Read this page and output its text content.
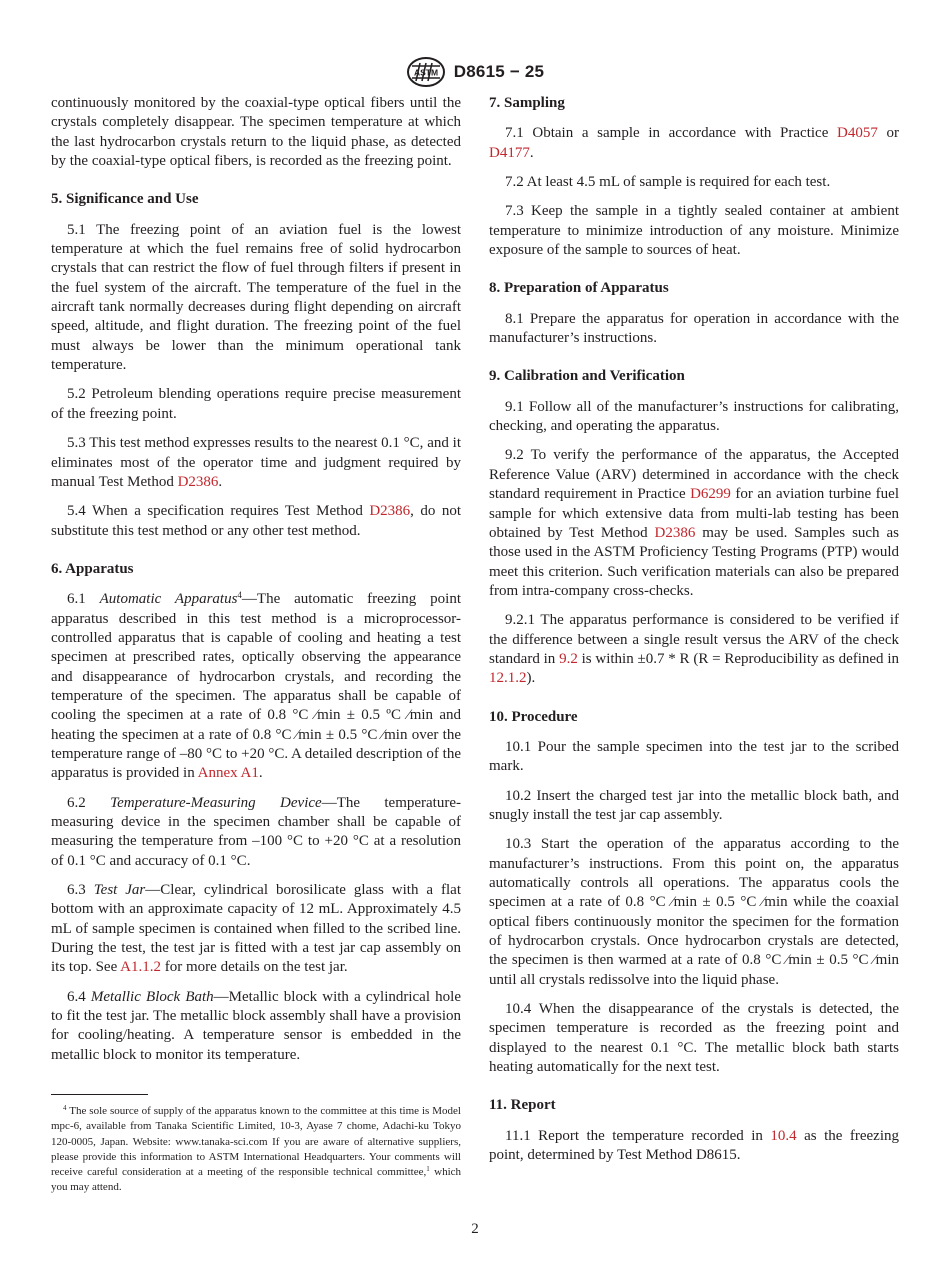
ASTM D8615 − 25

continuously monitored by the coaxial-type optical fibers until the crystals completely disappear. The specimen temperature at which the last hydrocarbon crystals return to the liquid phase, as detected by the coaxial-type optical fibers, is recorded as the freezing point.

5. Significance and Use

5.1 The freezing point of an aviation fuel is the lowest temperature at which the fuel remains free of solid hydrocarbon crystals that can restrict the flow of fuel through filters if present in the fuel system of the aircraft. The temperature of the fuel in the aircraft tank normally decreases during flight depending on aircraft speed, altitude, and flight duration. The freezing point of the fuel must always be lower than the minimum operational tank temperature.

5.2 Petroleum blending operations require precise measurement of the freezing point.

5.3 This test method expresses results to the nearest 0.1 °C, and it eliminates most of the operator time and judgment required by manual Test Method D2386.

5.4 When a specification requires Test Method D2386, do not substitute this test method or any other test method.

6. Apparatus

6.1 Automatic Apparatus$^4$—The automatic freezing point apparatus described in this test method is a microprocessor-controlled apparatus that is capable of cooling and heating a test specimen at prescribed rates, optically observing the appearance and disappearance of hydrocarbon crystals, and recording the temperature of the specimen. The apparatus shall be capable of cooling the specimen at a rate of 0.8 °C ⁄min ± 0.5 ºC ⁄min and heating the specimen at a rate of 0.8 °C ⁄min ± 0.5 °C ⁄min over the temperature range of –80 °C to +20 °C. A detailed description of the apparatus is provided in Annex A1.

6.2 Temperature-Measuring Device—The temperature-measuring device in the specimen chamber shall be capable of measuring the temperature from –100 °C to +20 °C at a resolution of 0.1 °C and accuracy of 0.1 °C.

6.3 Test Jar—Clear, cylindrical borosilicate glass with a flat bottom with an approximate capacity of 12 mL. Approximately 4.5 mL of sample specimen is contained when filled to the scribed line. During the test, the test jar is fitted with a test jar cap assembly on its top. See A1.1.2 for more details on the test jar.

6.4 Metallic Block Bath—Metallic block with a cylindrical hole to fit the test jar. The metallic block assembly shall have a provision for cooling/heating. A temperature sensor is embedded in the metallic block to monitor its temperature.

$^4$ The sole source of supply of the apparatus known to the committee at this time is Model mpc-6, available from Tanaka Scientific Limited, 10-3, Ayase 7 chome, Adachi-ku Tokyo 120-0005, Japan. Website: www.tanaka-sci.com If you are aware of alternative suppliers, please provide this information to ASTM International Headquarters. Your comments will receive careful consideration at a meeting of the responsible technical committee,$^1$ which you may attend.
7. Sampling

7.1 Obtain a sample in accordance with Practice D4057 or D4177.

7.2 At least 4.5 mL of sample is required for each test.

7.3 Keep the sample in a tightly sealed container at ambient temperature to minimize introduction of any moisture. Minimize exposure of the sample to sources of heat.

8. Preparation of Apparatus

8.1 Prepare the apparatus for operation in accordance with the manufacturer’s instructions.

9. Calibration and Verification

9.1 Follow all of the manufacturer’s instructions for calibrating, checking, and operating the apparatus.

9.2 To verify the performance of the apparatus, the Accepted Reference Value (ARV) determined in accordance with the check standard requirement in Practice D6299 for an aviation turbine fuel sample for which extensive data from multi-lab testing has been obtained by Test Method D2386 may be used. Samples such as those used in the ASTM Proficiency Testing Programs (PTP) would meet this criterion. Such verification materials can also be prepared from intra-company cross-checks.

9.2.1 The apparatus performance is considered to be verified if the difference between a single result versus the ARV of the check standard in 9.2 is within ±0.7 * R (R = Reproducibility as defined in 12.1.2).

10. Procedure

10.1 Pour the sample specimen into the test jar to the scribed mark.

10.2 Insert the charged test jar into the metallic block bath, and snugly install the test jar cap assembly.

10.3 Start the operation of the apparatus according to the manufacturer’s instructions. From this point on, the apparatus automatically controls all operations. The apparatus cools the specimen at a rate of 0.8 °C ⁄min ± 0.5 °C ⁄min while the coaxial optical fibers continuously monitor the specimen for the formation of hydrocarbon crystals. Once hydrocarbon crystals are detected, the specimen is then warmed at a rate of 0.8 °C ⁄min ± 0.5 °C ⁄min until all crystals redissolve into the liquid phase.

10.4 When the disappearance of the crystals is detected, the specimen temperature is recorded as the freezing point and displayed to the nearest 0.1 °C. The metallic block bath starts heating automatically for the next test.

11. Report

11.1 Report the temperature recorded in 10.4 as the freezing point, determined by Test Method D8615.

2
